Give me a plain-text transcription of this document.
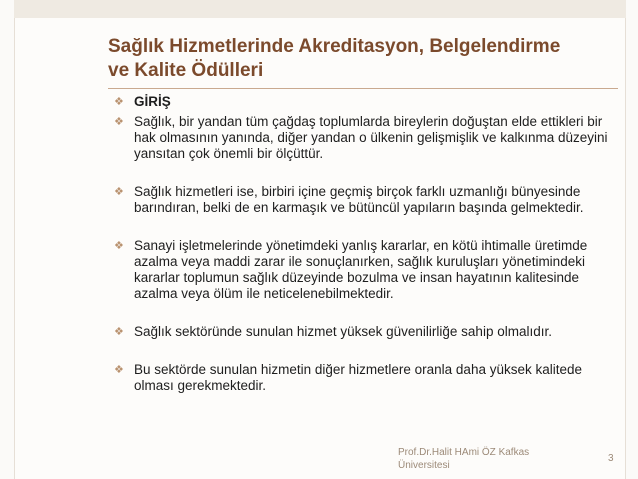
Sağlık Hizmetlerinde Akreditasyon, Belgelendirme
ve Kalite Ödülleri
❖ GİRİŞ
❖ Sağlık, bir yandan tüm çağdaş toplumlarda bireylerin doğuştan elde ettikleri bir hak olmasının yanında, diğer yandan o ülkenin gelişmişlik ve kalkınma düzeyini yansıtan çok önemli bir ölçüttür.
❖ Sağlık hizmetleri ise, birbiri içine geçmiş birçok farklı uzmanlığı bünyesinde barındıran, belki de en karmaşık ve bütüncül yapıların başında gelmektedir.
❖ Sanayi işletmelerinde yönetimdeki yanlış kararlar, en kötü ihtimalle üretimde azalma veya maddi zarar ile sonuçlanırken, sağlık kuruluşları yönetimindeki kararlar toplumun sağlık düzeyinde bozulma ve insan hayatının kalitesinde azalma veya ölüm ile neticelenebilmektedir.
❖ Sağlık sektöründe sunulan hizmet yüksek güvenilirliğe sahip olmalıdır.
❖ Bu sektörde sunulan hizmetin diğer hizmetlere oranla daha yüksek kalitede olması gerekmektedir.
Prof.Dr.Halit HAmi ÖZ Kafkas
Üniversitesi
3
